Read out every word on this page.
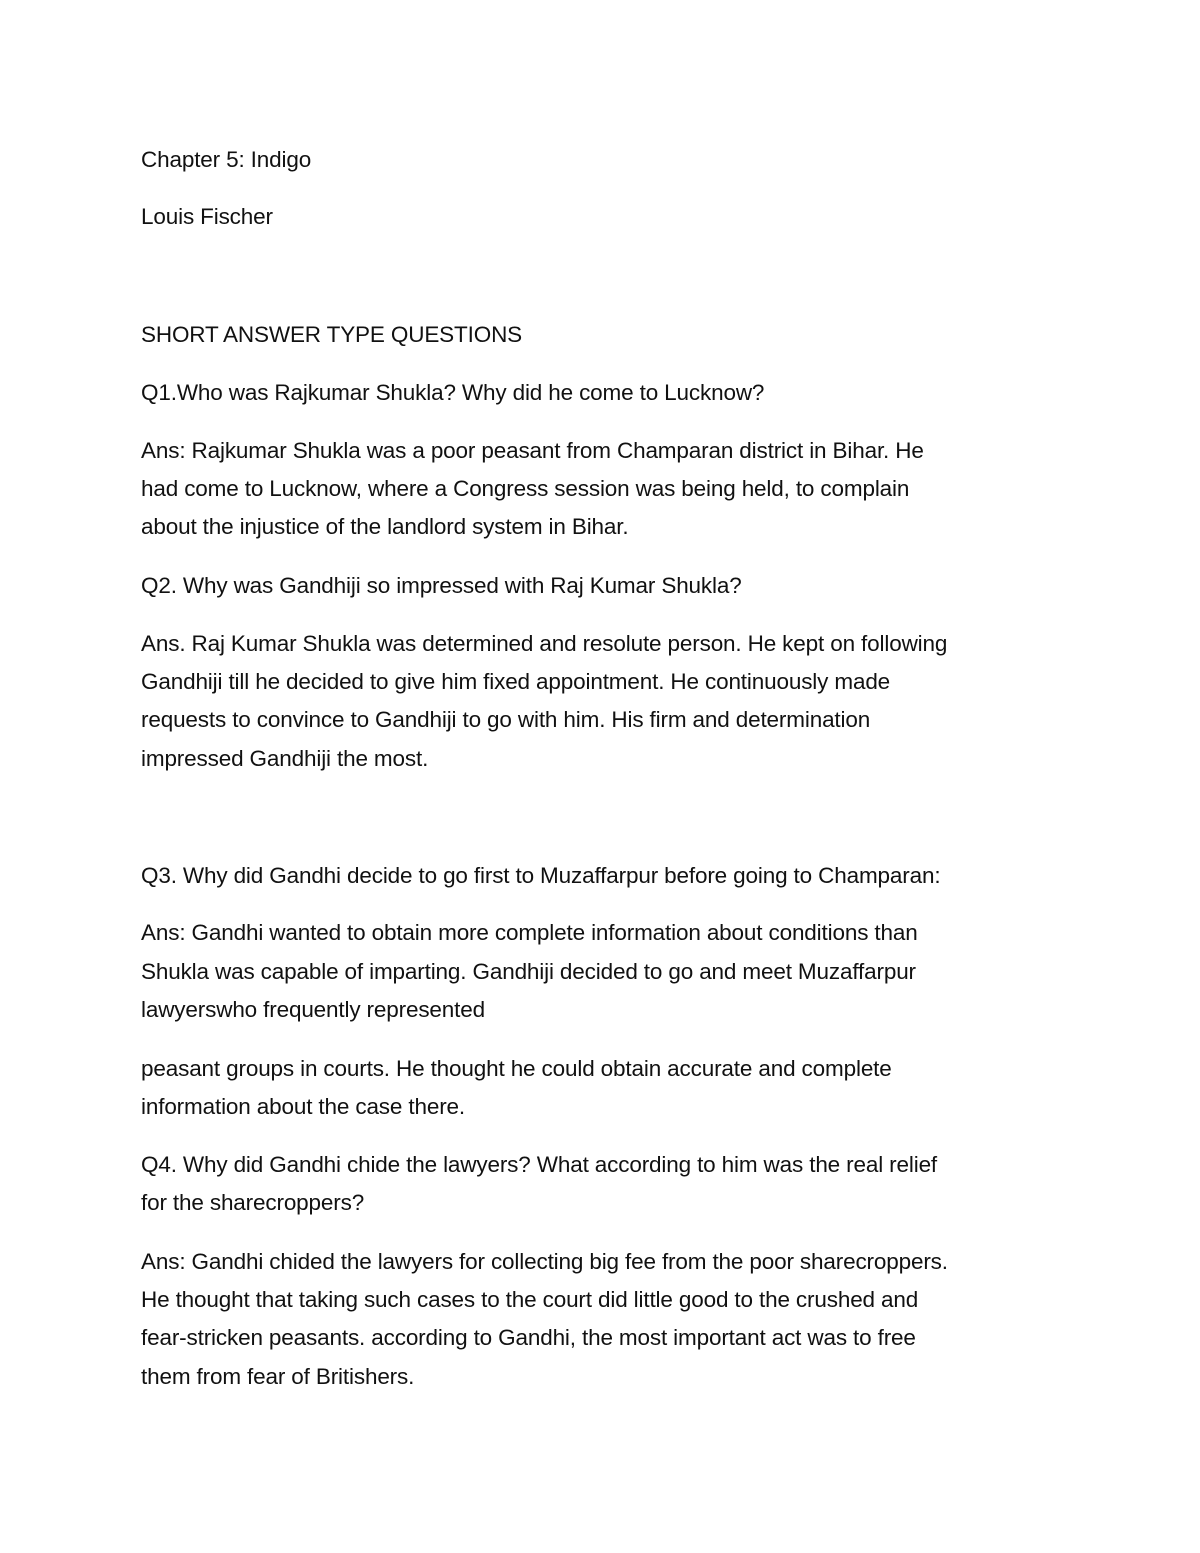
Chapter 5: Indigo
Louis Fischer
SHORT ANSWER TYPE QUESTIONS
Q1.Who was Rajkumar Shukla? Why did he come to Lucknow?
Ans: Rajkumar Shukla was a poor peasant from Champaran district in Bihar. He
had come to Lucknow, where a Congress session was being held, to complain
about the injustice of the landlord system in Bihar.
Q2. Why was Gandhiji so impressed with Raj Kumar Shukla?
Ans. Raj Kumar Shukla was determined and resolute person. He kept on following
Gandhiji till he decided to give him fixed appointment. He continuously made
requests to convince to Gandhiji to go with him. His firm and determination
impressed Gandhiji the most.
Q3. Why did Gandhi decide to go first to Muzaffarpur before going to Champaran:
Ans: Gandhi wanted to obtain more complete information about conditions than
Shukla was capable of imparting. Gandhiji decided to go and meet Muzaffarpur
lawyerswho frequently represented
peasant groups in courts. He thought he could obtain accurate and complete
information about the case there.
Q4. Why did Gandhi chide the lawyers? What according to him was the real relief
for the sharecroppers?
Ans: Gandhi chided the lawyers for collecting big fee from the poor sharecroppers.
He thought that taking such cases to the court did little good to the crushed and
fear-stricken peasants. according to Gandhi, the most important act was to free
them from fear of Britishers.
